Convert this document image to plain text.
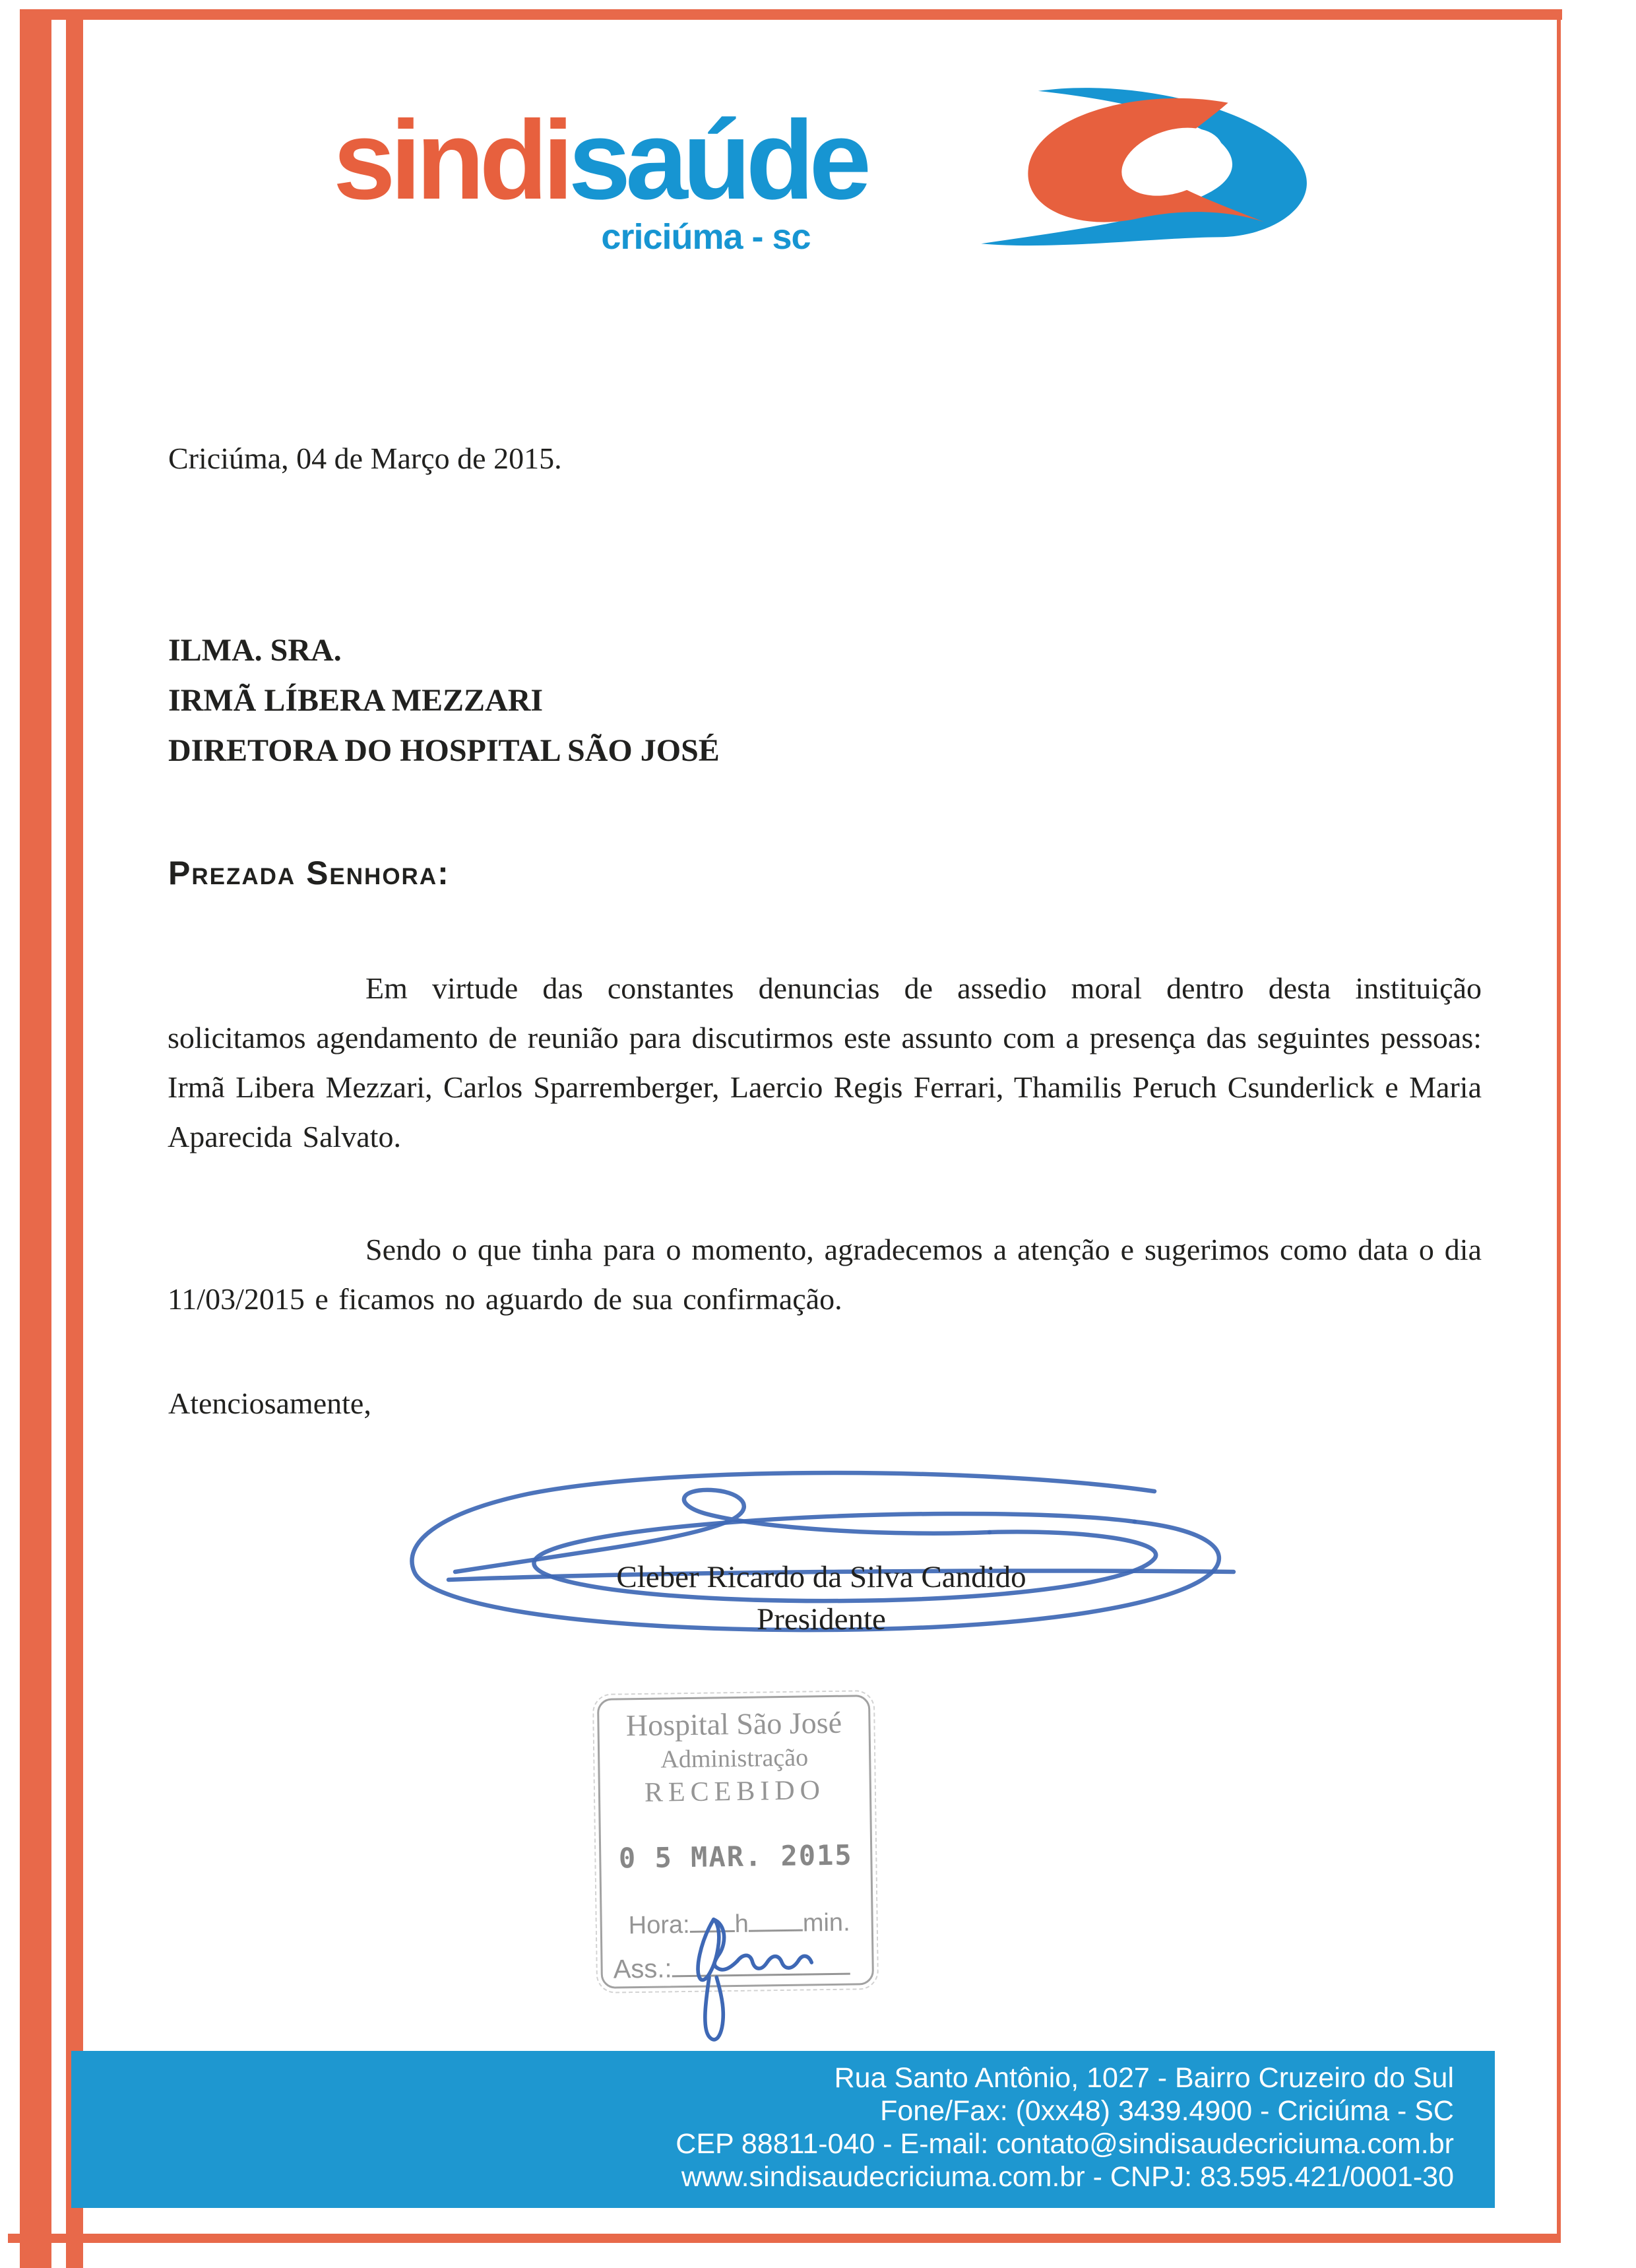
sindisaúde
criciúma - sc
Criciúma, 04 de Março de 2015.
ILMA. SRA.
IRMÃ LÍBERA MEZZARI
DIRETORA DO HOSPITAL SÃO JOSÉ
Prezada Senhora:

Em virtude das constantes denuncias de assedio moral dentro desta instituição solicitamos agendamento de reunião para discutirmos este assunto com a presença das seguintes pessoas: Irmã Libera Mezzari, Carlos Sparremberger, Laercio Regis Ferrari, Thamilis Peruch Csunderlick e Maria Aparecida Salvato.

Sendo o que tinha para o momento, agradecemos a atenção e sugerimos como data o dia 11/03/2015 e ficamos no aguardo de sua confirmação.

Atenciosamente,
Cleber Ricardo da Silva Candido
Presidente
Hospital São José
Administração
RECEBIDO
0 5 MAR. 2015
Hora: h min.
Ass.:
Rua Santo Antônio, 1027 - Bairro Cruzeiro do Sul
Fone/Fax: (0xx48) 3439.4900 - Criciúma - SC
CEP 88811-040 - E-mail: contato@sindisaudecriciuma.com.br
www.sindisaudecriciuma.com.br - CNPJ: 83.595.421/0001-30
